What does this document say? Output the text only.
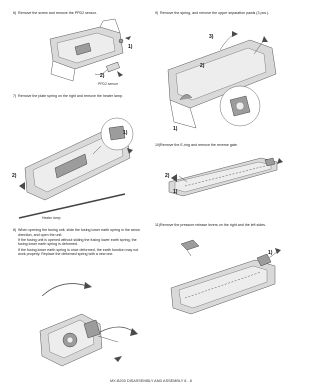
6) Remove the screw and remove the PPD2 sensor.

1)
2)
PPD2 sensor
7) Remove the plate spring on the right and remove the heater lamp.

1)
2)
Heater lamp
8) When opening the fusing unit, slide the fusing lower earth spring in the arrow direction, and open the unit.

If the fusing unit is opened without sliding the fusing lower earth spring, the fusing lower earth spring is deformed.

If the fusing lower earth spring is once deformed, the earth function may not work properly. Replace the deformed spring with a new one.

9) Remove the spring, and remove the upper separation pawls (3 pcs.).

3)
2)
1)
10) Remove the E-ring and remove the reverse gate.

2)
1)
11) Remove the pressure release levers on the right and the left sides.

1)
MX-B200 DISASSEMBLY AND ASSEMBLY 8 - 8
